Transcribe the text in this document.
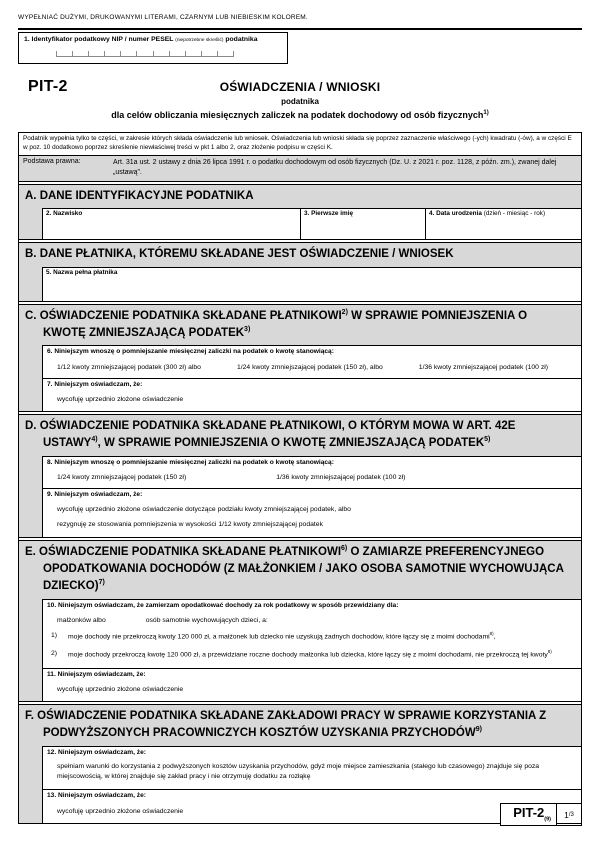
WYPEŁNIAĆ DUŻYMI, DRUKOWANYMI LITERAMI, CZARNYM LUB NIEBIESKIM KOLOREM.
1. Identyfikator podatkowy NIP / numer PESEL (niepotrzebne skreślić) podatnika
PIT-2	OŚWIADCZENIA / WNIOSKI
podatnika
dla celów obliczania miesięcznych zaliczek na podatek dochodowy od osób fizycznych$^{1)}$
Podatnik wypełnia tylko te części, w zakresie których składa oświadczenie lub wniosek. Oświadczenia lub wnioski składa się poprzez zaznaczenie właściwego (-ych) kwadratu (-ów), a w części E w poz. 10 dodatkowo poprzez skreślenie niewłaściwej treści w pkt 1 albo 2, oraz złożenie podpisu w części K.
Podstawa prawna:	Art. 31a ust. 2 ustawy z dnia 26 lipca 1991 r. o podatku dochodowym od osób fizycznych (Dz. U. z 2021 r. poz. 1128, z późn. zm.), zwanej dalej „ustawą”.
A. DANE IDENTYFIKACYJNE PODATNIKA
2. Nazwisko	3. Pierwsze imię	4. Data urodzenia (dzień - miesiąc - rok)
B. DANE PŁATNIKA, KTÓREMU SKŁADANE JEST OŚWIADCZENIE / WNIOSEK
5. Nazwa pełna płatnika
C. OŚWIADCZENIE PODATNIKA SKŁADANE PŁATNIKOWI$^{2)}$ W SPRAWIE POMNIEJSZENIA O KWOTĘ ZMNIEJSZAJĄCĄ PODATEK$^{3)}$
6. Niniejszym wnoszę o pomniejszanie miesięcznej zaliczki na podatek o kwotę stanowiącą:
1/12 kwoty zmniejszającej podatek (300 zł) albo	1/24 kwoty zmniejszającej podatek (150 zł), albo	1/36 kwoty zmniejszającej podatek (100 zł)
7. Niniejszym oświadczam, że:
wycofuję uprzednio złożone oświadczenie
D. OŚWIADCZENIE PODATNIKA SKŁADANE PŁATNIKOWI, O KTÓRYM MOWA W ART. 42E USTAWY$^{4)}$, W SPRAWIE POMNIEJSZENIA O KWOTĘ ZMNIEJSZAJĄCĄ PODATEK$^{5)}$
8. Niniejszym wnoszę o pomniejszanie miesięcznej zaliczki na podatek o kwotę stanowiącą:
1/24 kwoty zmniejszającej podatek (150 zł)	1/36 kwoty zmniejszającej podatek (100 zł)
9. Niniejszym oświadczam, że:
wycofuję uprzednio złożone oświadczenie dotyczące podziału kwoty zmniejszającej podatek, albo
rezygnuję ze stosowania pomniejszenia w wysokości 1/12 kwoty zmniejszającej podatek
E. OŚWIADCZENIE PODATNIKA SKŁADANE PŁATNIKOWI$^{6)}$ O ZAMIARZE PREFERENCYJNEGO OPODATKOWANIA DOCHODÓW (Z MAŁŻONKIEM / JAKO OSOBA SAMOTNIE WYCHOWUJĄCA DZIECKO)$^{7)}$
10. Niniejszym oświadczam, że zamierzam opodatkować dochody za rok podatkowy w sposób przewidziany dla:
małżonków albo	osób samotnie wychowujących dzieci, a:
1)	moje dochody nie przekroczą kwoty 120 000 zł, a małżonek lub dziecko nie uzyskują żadnych dochodów, które łączy się z moimi dochodami$^{8)}$,
2)	moje dochody przekroczą kwotę 120 000 zł, a przewidziane roczne dochody małżonka lub dziecka, które łączy się z moimi dochodami, nie przekroczą tej kwoty$^{8)}$
11. Niniejszym oświadczam, że:
wycofuję uprzednio złożone oświadczenie
F. OŚWIADCZENIE PODATNIKA SKŁADANE ZAKŁADOWI PRACY W SPRAWIE KORZYSTANIA Z PODWYŻSZONYCH PRACOWNICZYCH KOSZTÓW UZYSKANIA PRZYCHODÓW$^{9)}$
12. Niniejszym oświadczam, że:
spełniam warunki do korzystania z podwyższonych kosztów uzyskania przychodów, gdyż moje miejsce zamieszkania (stałego lub czasowego) znajduje się poza miejscowością, w której znajduje się zakład pracy i nie otrzymuję dodatku za rozłąkę
13. Niniejszym oświadczam, że:
wycofuję uprzednio złożone oświadczenie	PIT-$2_{(9)}$
1 /3
